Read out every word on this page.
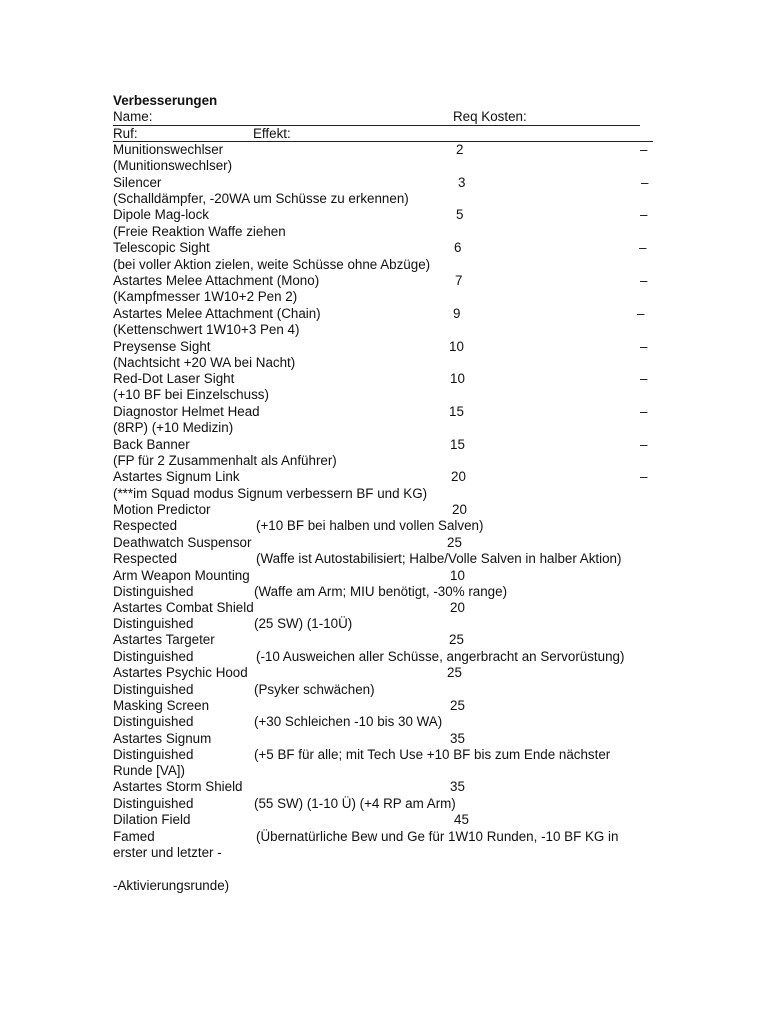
Verbesserungen
Name:	Req Kosten:
Ruf:	Effekt:
Munitionswechlser	2	–
(Munitionswechlser)
Silencer	3	–
(Schalldämpfer, -20WA um Schüsse zu erkennen)
Dipole Mag-lock	5	–
(Freie Reaktion Waffe ziehen
Telescopic Sight	6	–
(bei voller Aktion zielen, weite Schüsse ohne Abzüge)
Astartes Melee Attachment (Mono)	7	–
(Kampfmesser 1W10+2 Pen 2)
Astartes Melee Attachment (Chain)	9	–
(Kettenschwert 1W10+3 Pen 4)
Preysense Sight	10	–
(Nachtsicht +20 WA bei Nacht)
Red-Dot Laser Sight	10	–
(+10 BF bei Einzelschuss)
Diagnostor Helmet Head	15	–
(8RP) (+10 Medizin)
Back Banner	15	–
(FP für 2 Zusammenhalt als Anführer)
Astartes Signum Link	20	–
(***im Squad modus Signum verbessern BF und KG)
Motion Predictor	20
Respected	(+10 BF bei halben und vollen Salven)
Deathwatch Suspensor	25
Respected	(Waffe ist Autostabilisiert; Halbe/Volle Salven in halber Aktion)
Arm Weapon Mounting	10
Distinguished	(Waffe am Arm; MIU benötigt, -30% range)
Astartes Combat Shield	20
Distinguished	(25 SW) (1-10Ü)
Astartes Targeter	25
Distinguished	(-10 Ausweichen aller Schüsse, angerbracht an Servorüstung)
Astartes Psychic Hood	25
Distinguished	(Psyker schwächen)
Masking Screen	25
Distinguished	(+30 Schleichen -10 bis 30 WA)
Astartes Signum	35
Distinguished	(+5 BF für alle; mit Tech Use +10 BF bis zum Ende nächster
Runde [VA])
Astartes Storm Shield	35
Distinguished	(55 SW) (1-10 Ü) (+4 RP am Arm)
Dilation Field	45
Famed	(Übernatürliche Bew und Ge für 1W10 Runden, -10 BF KG in
erster und letzter -
-Aktivierungsrunde)
